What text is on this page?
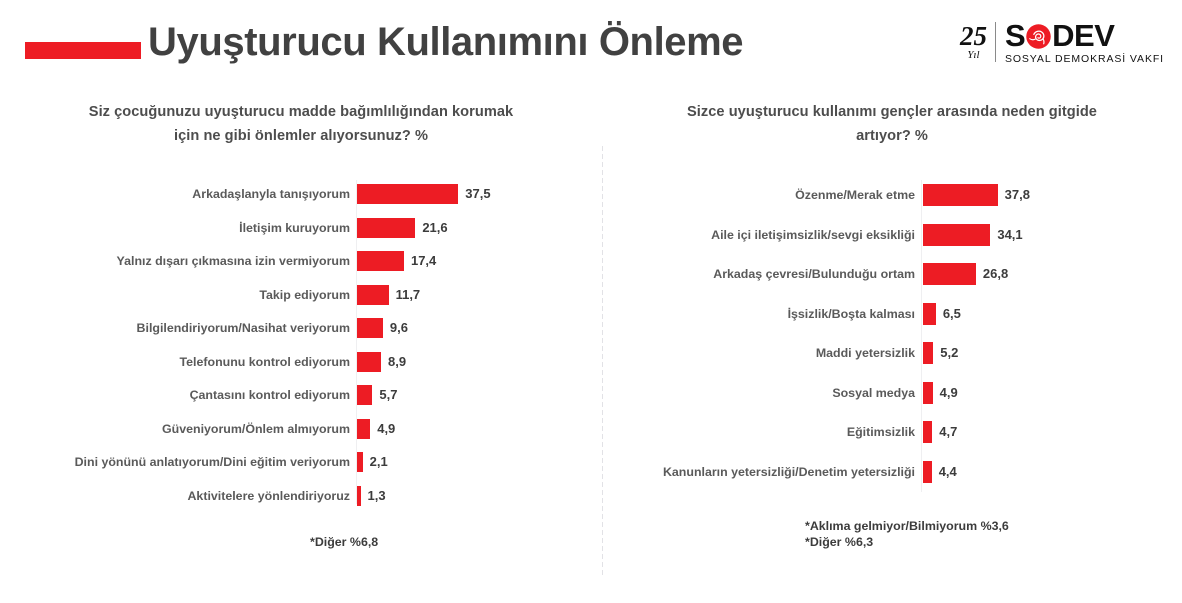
Uyuşturucu Kullanımını Önleme	25
Yıl
S DEV
SOSYAL DEMOKRASİ VAKFI
Siz çocuğunuzu uyuşturucu madde bağımlılığından korumak
için ne gibi önlemler alıyorsunuz? %
Arkadaşlanyla tanışıyorum	37,5
İletişim kuruyorum	21,6
Yalnız dışarı çıkmasına izin vermiyorum	17,4
Takip ediyorum	11,7
Bilgilendiriyorum/Nasihat veriyorum	9,6
Telefonunu kontrol ediyorum	8,9
Çantasını kontrol ediyorum 5,7
Güveniyorum/Önlem almıyorum 4,9
Dini yönünü anlatıyorum/Dini eğitim veriyorum 2,1
Aktivitelere yönlendiriyoruz 1,3
*Diğer %6,8
Sizce uyuşturucu kullanımı gençler arasında neden gitgide
artıyor? %
Özenme/Merak etme	37,8
Aile içi iletişimsizlik/sevgi eksikliği	34,1
Arkadaş çevresi/Bulunduğu ortam	26,8
İşsizlik/Boşta kalması 6,5
Maddi yetersizlik 5,2
Sosyal medya 4,9
Eğitimsizlik 4,7
Kanunların yetersizliği/Denetim yetersizliği 4,4
*Aklıma gelmiyor/Bilmiyorum %3,6
*Diğer %6,3
